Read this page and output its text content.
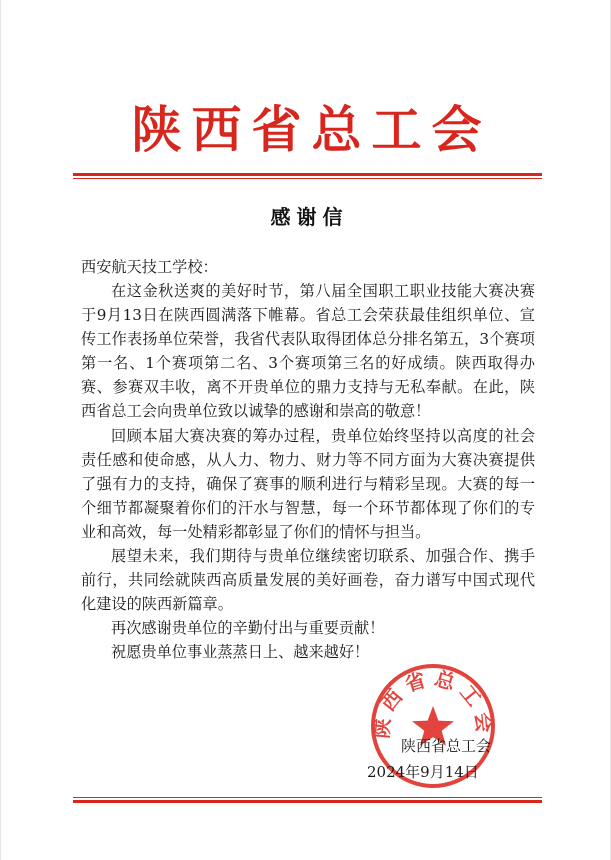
陕西省总工会
感谢信
西安航天技工学校：

在这金秋送爽的美好时节，第八届全国职工职业技能大赛决赛于9月13日在陕西圆满落下帷幕。省总工会荣获最佳组织单位、宣传工作表扬单位荣誉，我省代表队取得团体总分排名第五，3个赛项第一名、1个赛项第二名、3个赛项第三名的好成绩。陕西取得办赛、参赛双丰收，离不开贵单位的鼎力支持与无私奉献。在此，陕西省总工会向贵单位致以诚挚的感谢和崇高的敬意！

回顾本届大赛决赛的筹办过程，贵单位始终坚持以高度的社会责任感和使命感，从人力、物力、财力等不同方面为大赛决赛提供了强有力的支持，确保了赛事的顺利进行与精彩呈现。大赛的每一个细节都凝聚着你们的汗水与智慧，每一个环节都体现了你们的专业和高效，每一处精彩都彰显了你们的情怀与担当。

展望未来，我们期待与贵单位继续密切联系、加强合作、携手前行，共同绘就陕西高质量发展的美好画卷，奋力谱写中国式现代化建设的陕西新篇章。

再次感谢贵单位的辛勤付出与重要贡献！

祝愿贵单位事业蒸蒸日上、越来越好！

陕西省总工会
陕西省总工会
2024年9月14日
